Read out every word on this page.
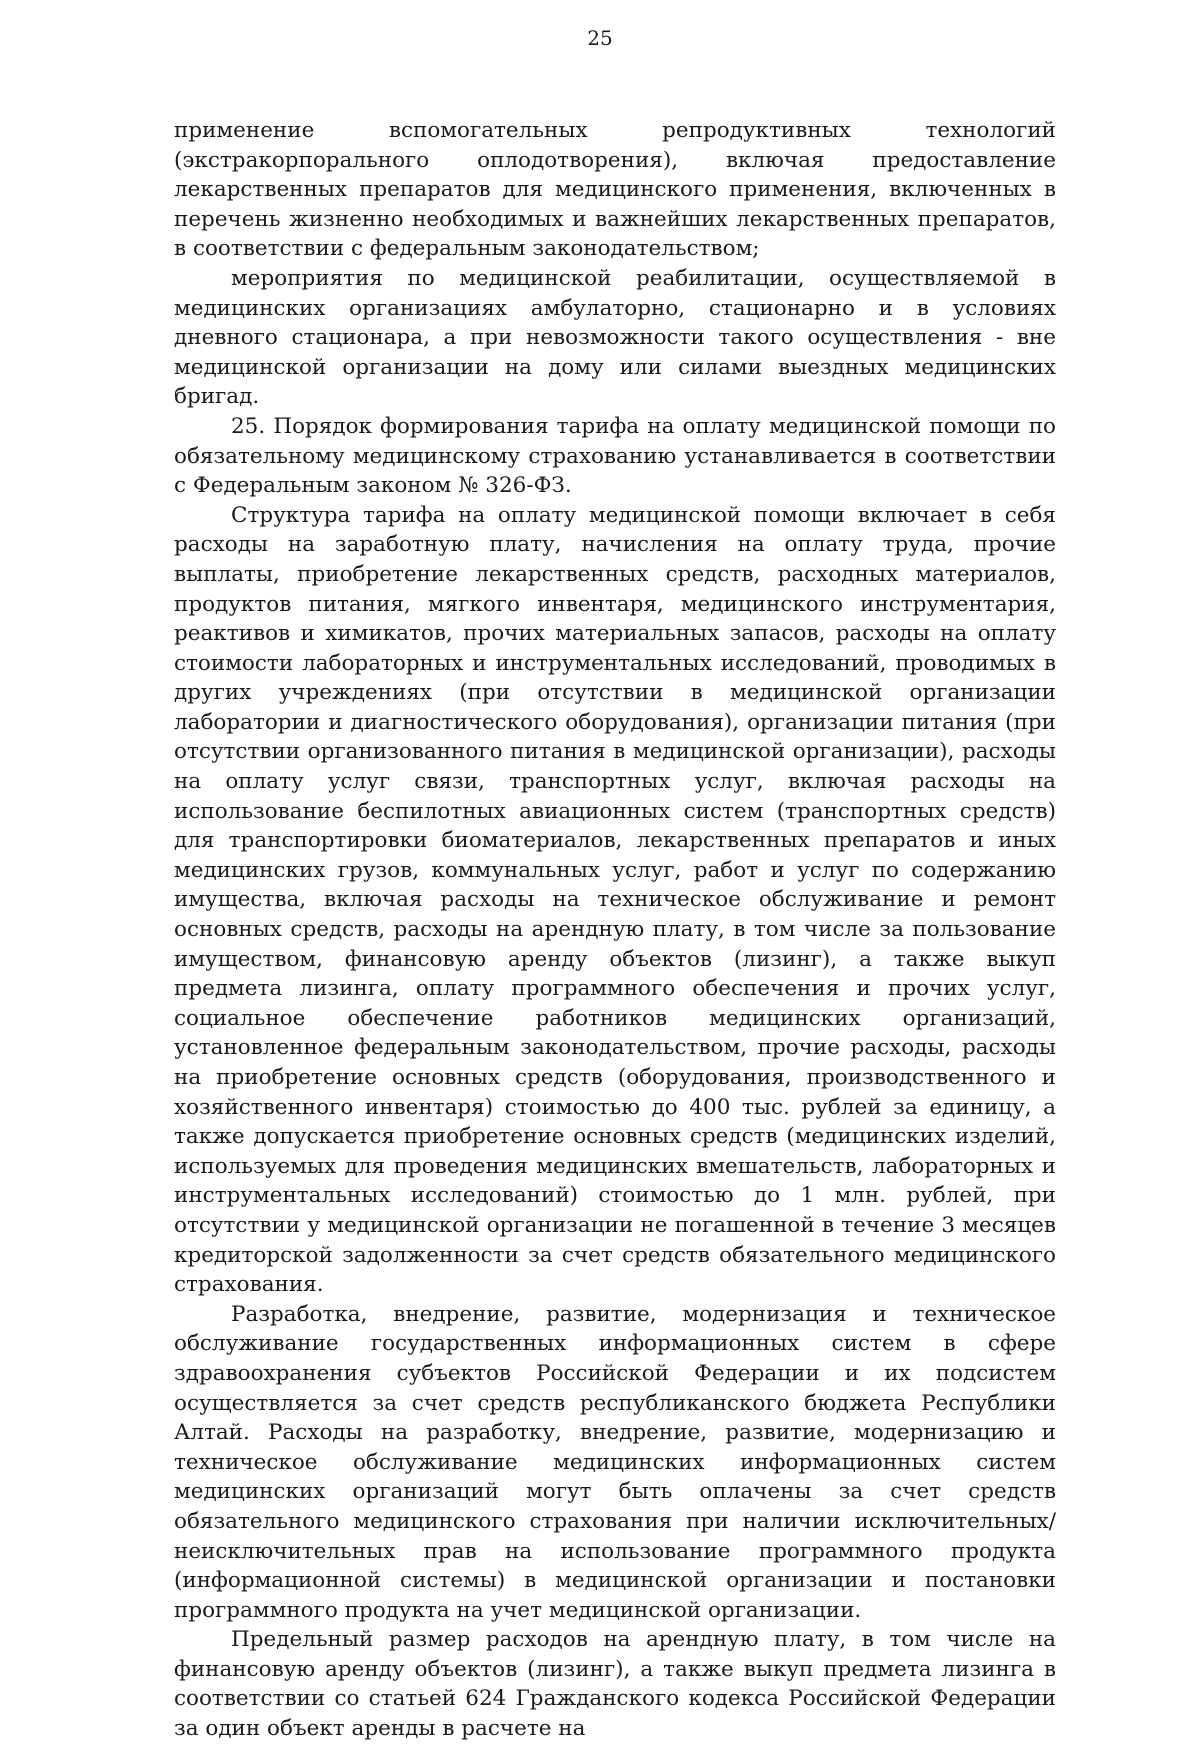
25

применение вспомогательных репродуктивных технологий (экстракорпорального оплодотворения), включая предоставление лекарственных препаратов для медицинского применения, включенных в перечень жизненно необходимых и важнейших лекарственных препаратов, в соответствии с федеральным законодательством;

мероприятия по медицинской реабилитации, осуществляемой в медицинских организациях амбулаторно, стационарно и в условиях дневного стационара, а при невозможности такого осуществления - вне медицинской организации на дому или силами выездных медицинских бригад.

25. Порядок формирования тарифа на оплату медицинской помощи по обязательному медицинскому страхованию устанавливается в соответствии с Федеральным законом № 326-ФЗ.

Структура тарифа на оплату медицинской помощи включает в себя расходы на заработную плату, начисления на оплату труда, прочие выплаты, приобретение лекарственных средств, расходных материалов, продуктов питания, мягкого инвентаря, медицинского инструментария, реактивов и химикатов, прочих материальных запасов, расходы на оплату стоимости лабораторных и инструментальных исследований, проводимых в других учреждениях (при отсутствии в медицинской организации лаборатории и диагностического оборудования), организации питания (при отсутствии организованного питания в медицинской организации), расходы на оплату услуг связи, транспортных услуг, включая расходы на использование беспилотных авиационных систем (транспортных средств) для транспортировки биоматериалов, лекарственных препаратов и иных медицинских грузов, коммунальных услуг, работ и услуг по содержанию имущества, включая расходы на техническое обслуживание и ремонт основных средств, расходы на арендную плату, в том числе за пользование имуществом, финансовую аренду объектов (лизинг), а также выкуп предмета лизинга, оплату программного обеспечения и прочих услуг, социальное обеспечение работников медицинских организаций, установленное федеральным законодательством, прочие расходы, расходы на приобретение основных средств (оборудования, производственного и хозяйственного инвентаря) стоимостью до 400 тыс. рублей за единицу, а также допускается приобретение основных средств (медицинских изделий, используемых для проведения медицинских вмешательств, лабораторных и инструментальных исследований) стоимостью до 1 млн. рублей, при отсутствии у медицинской организации не погашенной в течение 3 месяцев кредиторской задолженности за счет средств обязательного медицинского страхования.

Разработка, внедрение, развитие, модернизация и техническое обслуживание государственных информационных систем в сфере здравоохранения субъектов Российской Федерации и их подсистем осуществляется за счет средств республиканского бюджета Республики Алтай. Расходы на разработку, внедрение, развитие, модернизацию и техническое обслуживание медицинских информационных систем медицинских организаций могут быть оплачены за счет средств обязательного медицинского страхования при наличии исключительных/неисключительных прав на использование программного продукта (информационной системы) в медицинской организации и постановки программного продукта на учет медицинской организации.

Предельный размер расходов на арендную плату, в том числе на финансовую аренду объектов (лизинг), а также выкуп предмета лизинга в соответствии со статьей 624 Гражданского кодекса Российской Федерации за один объект аренды в расчете на
